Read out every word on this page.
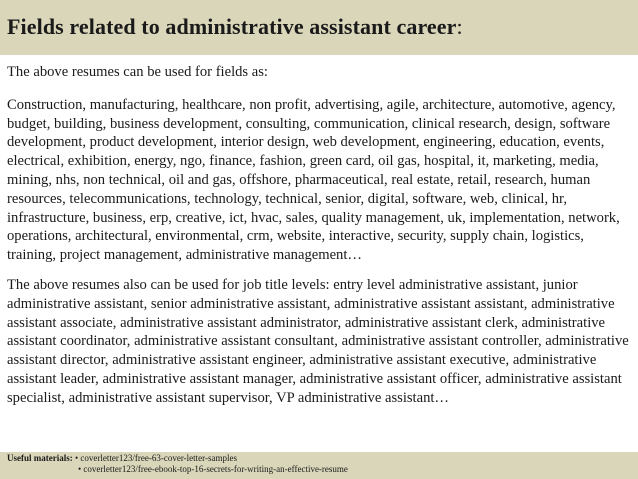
Fields related to administrative assistant career:

The above resumes can be used for fields as:

Construction, manufacturing, healthcare, non profit, advertising, agile, architecture, automotive, agency, budget, building, business development, consulting, communication, clinical research, design, software development, product development, interior design, web development, engineering, education, events, electrical, exhibition, energy, ngo, finance, fashion, green card, oil gas, hospital, it, marketing, media, mining, nhs, non technical, oil and gas, offshore, pharmaceutical, real estate, retail, research, human resources, telecommunications, technology, technical, senior, digital, software, web, clinical, hr, infrastructure, business, erp, creative, ict, hvac, sales, quality management, uk, implementation, network, operations, architectural, environmental, crm, website, interactive, security, supply chain, logistics, training, project management, administrative management…

The above resumes also can be used for job title levels: entry level administrative assistant, junior administrative assistant, senior administrative assistant, administrative assistant assistant, administrative assistant associate, administrative assistant administrator, administrative assistant clerk, administrative assistant coordinator, administrative assistant consultant, administrative assistant controller, administrative assistant director, administrative assistant engineer, administrative assistant executive, administrative assistant leader, administrative assistant manager, administrative assistant officer, administrative assistant specialist, administrative assistant supervisor, VP administrative assistant…

Useful materials: • coverletter123/free-63-cover-letter-samples
• coverletter123/free-ebook-top-16-secrets-for-writing-an-effective-resume
